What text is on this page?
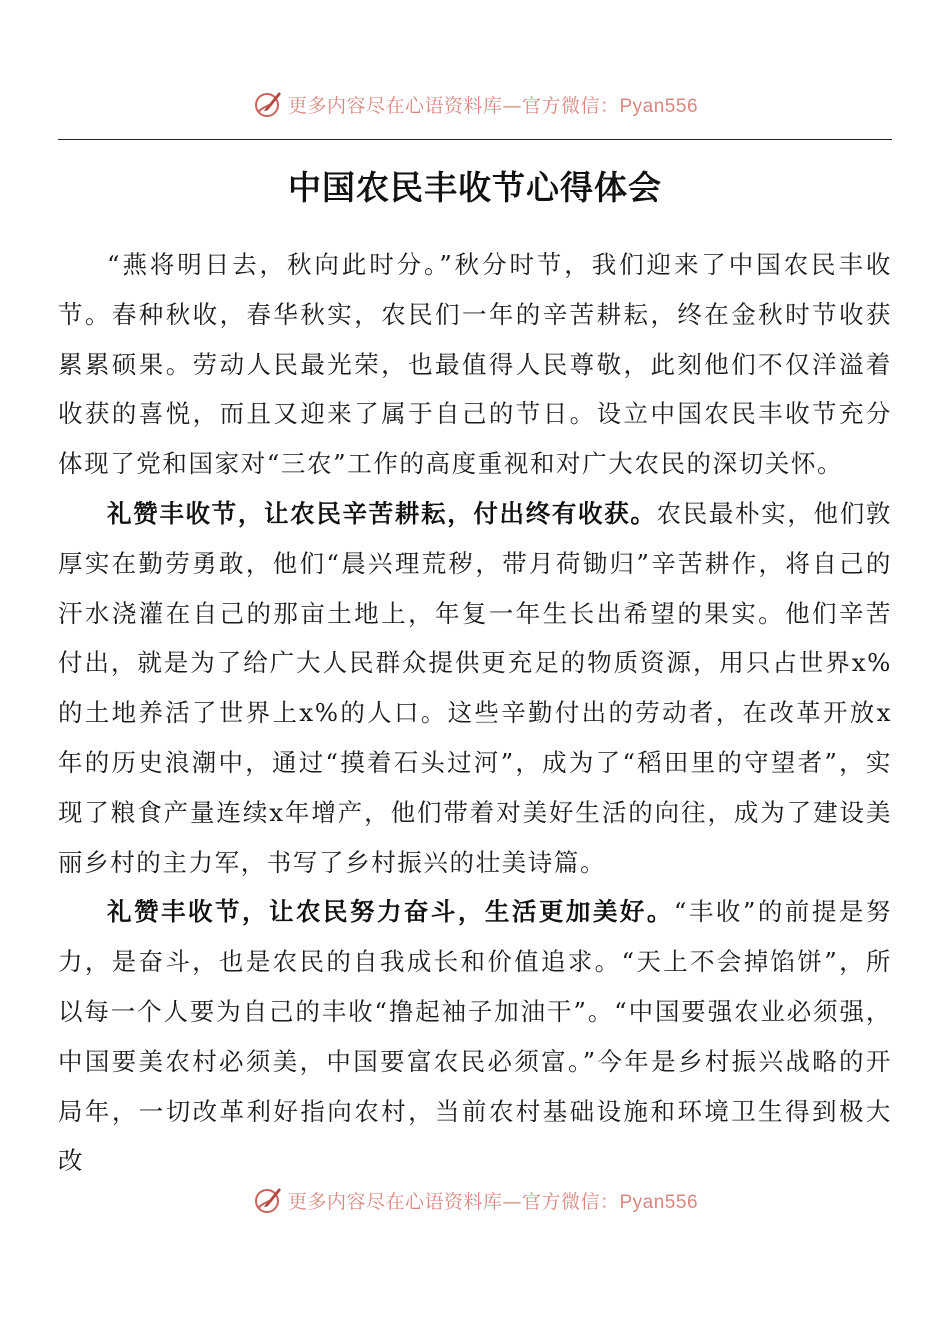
更多内容尽在心语资料库—官方微信：Pyan556
中国农民丰收节心得体会

“燕将明日去，秋向此时分。”秋分时节，我们迎来了中国农民丰收节。春种秋收，春华秋实，农民们一年的辛苦耕耘，终在金秋时节收获累累硕果。劳动人民最光荣，也最值得人民尊敬，此刻他们不仅洋溢着收获的喜悦，而且又迎来了属于自己的节日。设立中国农民丰收节充分体现了党和国家对“三农”工作的高度重视和对广大农民的深切关怀。

礼赞丰收节，让农民辛苦耕耘，付出终有收获。农民最朴实，他们敦厚实在勤劳勇敢，他们“晨兴理荒秽，带月荷锄归”辛苦耕作，将自己的汗水浇灌在自己的那亩土地上，年复一年生长出希望的果实。他们辛苦付出，就是为了给广大人民群众提供更充足的物质资源，用只占世界x%的土地养活了世界上x%的人口。这些辛勤付出的劳动者，在改革开放x年的历史浪潮中，通过“摸着石头过河”，成为了“稻田里的守望者”，实现了粮食产量连续x年增产，他们带着对美好生活的向往，成为了建设美丽乡村的主力军，书写了乡村振兴的壮美诗篇。

礼赞丰收节，让农民努力奋斗，生活更加美好。“丰收”的前提是努力，是奋斗，也是农民的自我成长和价值追求。“天上不会掉馅饼”，所以每一个人要为自己的丰收“撸起袖子加油干”。“中国要强农业必须强，中国要美农村必须美，中国要富农民必须富。”今年是乡村振兴战略的开局年，一切改革利好指向农村，当前农村基础设施和环境卫生得到极大改

更多内容尽在心语资料库—官方微信：Pyan556
